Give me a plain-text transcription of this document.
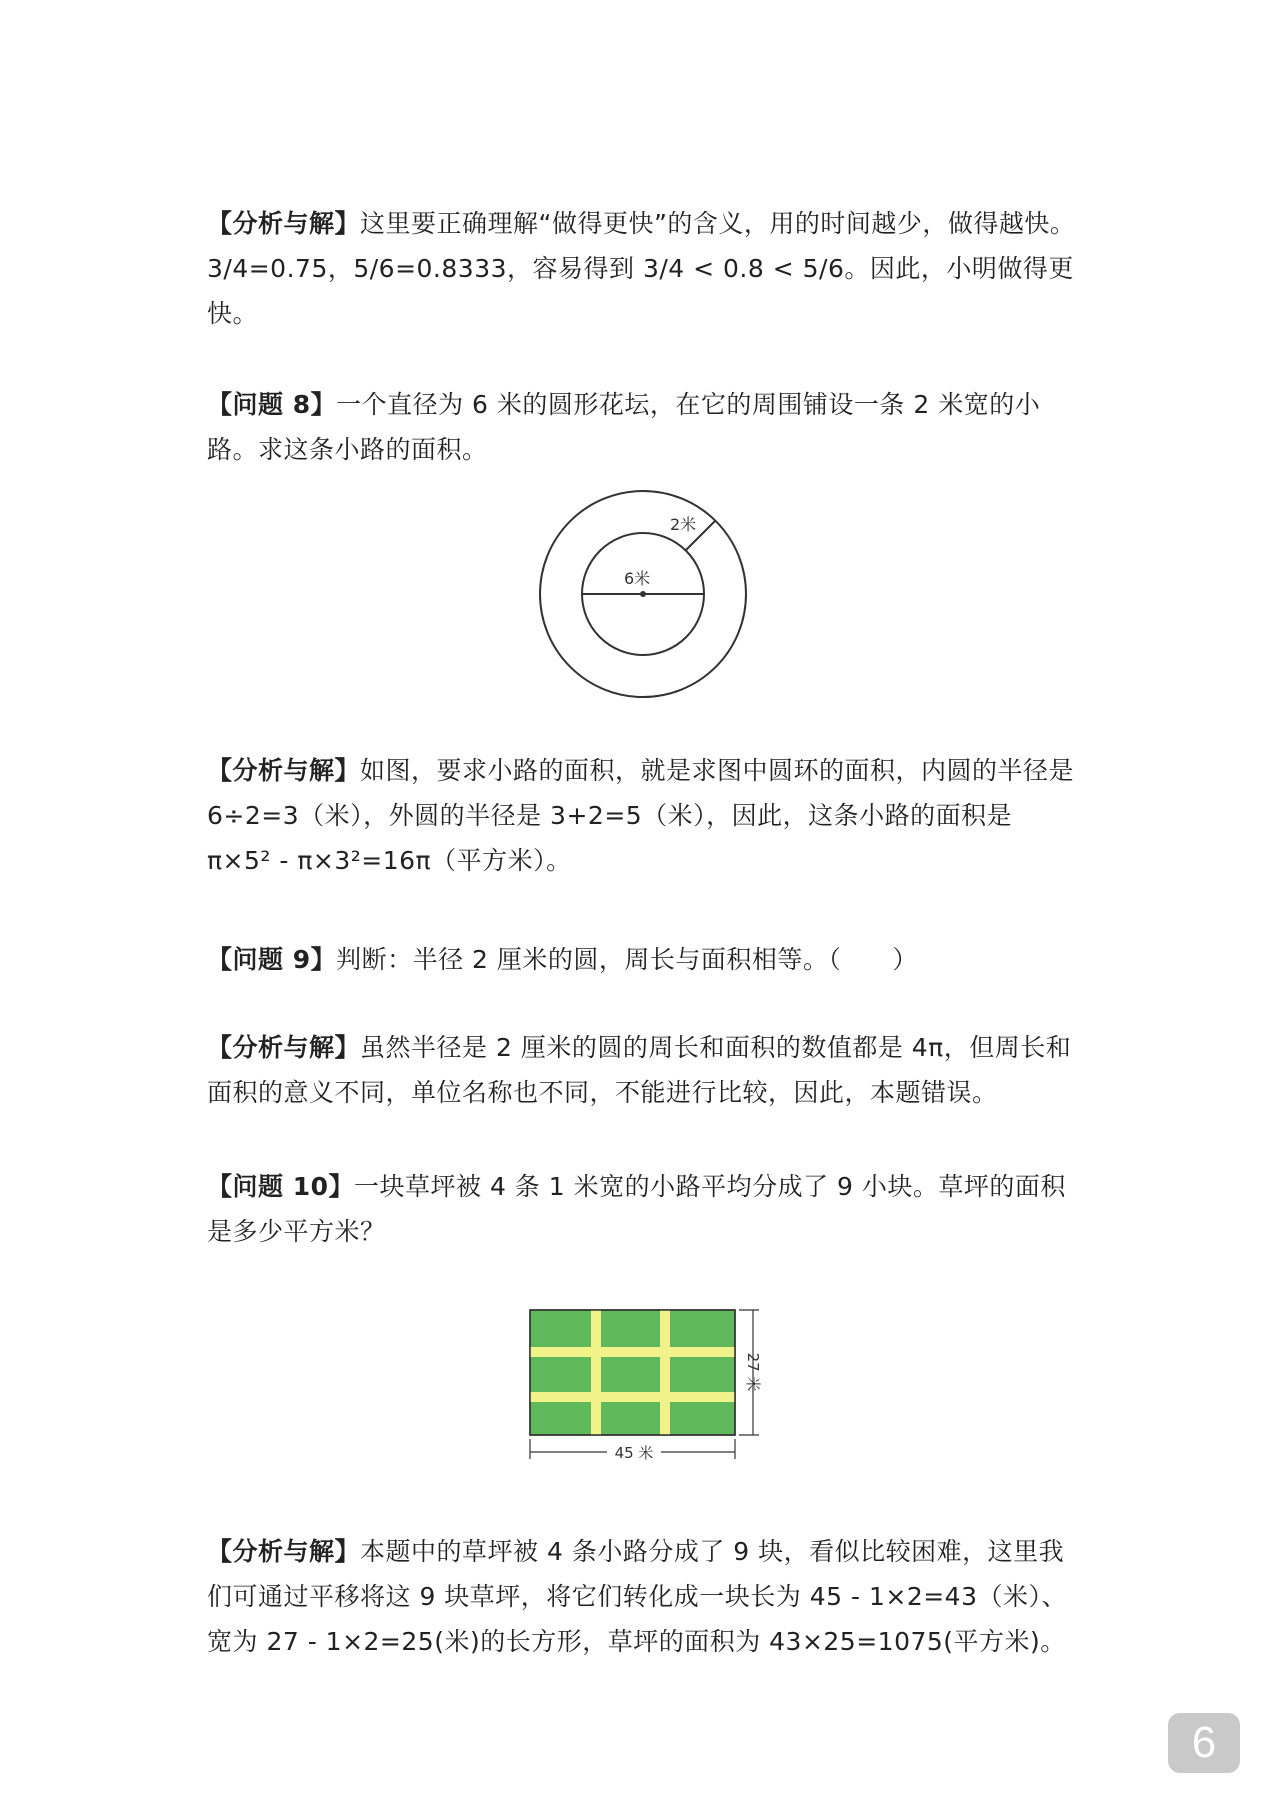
【分析与解】这里要正确理解“做得更快”的含义，用的时间越少，做得越快。3/4=0.75，5/6=0.8333，容易得到 3/4 < 0.8 < 5/6。因此，小明做得更快。

【问题 8】一个直径为 6 米的圆形花坛，在它的周围铺设一条 2 米宽的小路。求这条小路的面积。

6米
2米

【分析与解】如图，要求小路的面积，就是求图中圆环的面积，内圆的半径是 6÷2=3（米），外圆的半径是 3+2=5（米），因此，这条小路的面积是 π×5² - π×3²=16π（平方米）。

【问题 9】判断：半径 2 厘米的圆，周长与面积相等。（　　）

【分析与解】虽然半径是 2 厘米的圆的周长和面积的数值都是 4π，但周长和面积的意义不同，单位名称也不同，不能进行比较，因此，本题错误。

【问题 10】一块草坪被 4 条 1 米宽的小路平均分成了 9 小块。草坪的面积是多少平方米？

27 米
45 米

【分析与解】本题中的草坪被 4 条小路分成了 9 块，看似比较困难，这里我们可通过平移将这 9 块草坪，将它们转化成一块长为 45 - 1×2=43（米）、宽为 27 - 1×2=25(米)的长方形，草坪的面积为 43×25=1075(平方米)。

6
